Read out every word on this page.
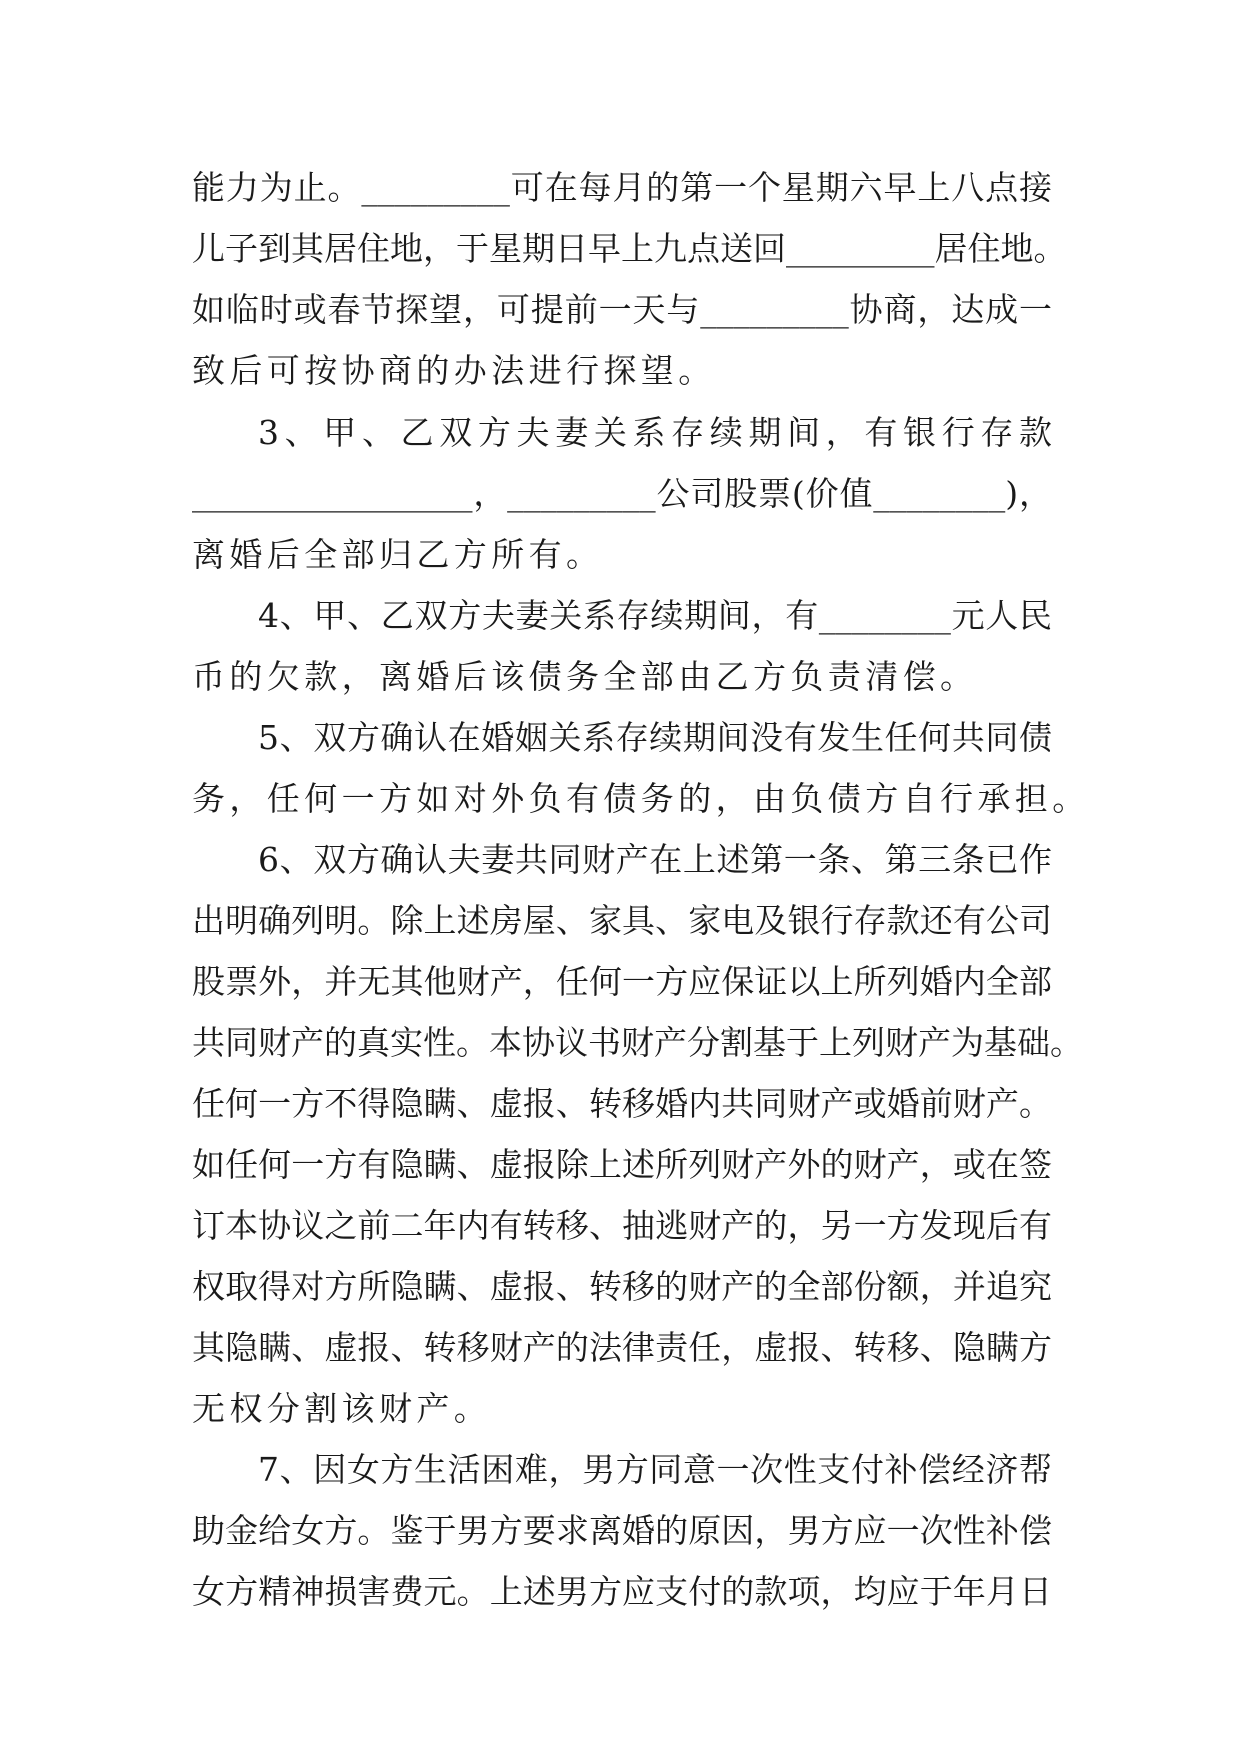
能力为止。_________可在每月的第一个星期六早上八点接
儿子到其居住地，于星期日早上九点送回_________居住地。
如临时或春节探望，可提前一天与_________协商，达成一
致后可按协商的办法进行探望。
3、甲、乙双方夫妻关系存续期间，有银行存款
_________________，_________公司股票(价值________)，
离婚后全部归乙方所有。
4、甲、乙双方夫妻关系存续期间，有________元人民
币的欠款，离婚后该债务全部由乙方负责清偿。
5、双方确认在婚姻关系存续期间没有发生任何共同债
务，任何一方如对外负有债务的，由负债方自行承担。
6、双方确认夫妻共同财产在上述第一条、第三条已作
出明确列明。除上述房屋、家具、家电及银行存款还有公司
股票外，并无其他财产，任何一方应保证以上所列婚内全部
共同财产的真实性。本协议书财产分割基于上列财产为基础。
任何一方不得隐瞒、虚报、转移婚内共同财产或婚前财产。
如任何一方有隐瞒、虚报除上述所列财产外的财产，或在签
订本协议之前二年内有转移、抽逃财产的，另一方发现后有
权取得对方所隐瞒、虚报、转移的财产的全部份额，并追究
其隐瞒、虚报、转移财产的法律责任，虚报、转移、隐瞒方
无权分割该财产。
7、因女方生活困难，男方同意一次性支付补偿经济帮
助金给女方。鉴于男方要求离婚的原因，男方应一次性补偿
女方精神损害费元。上述男方应支付的款项，均应于年月日
